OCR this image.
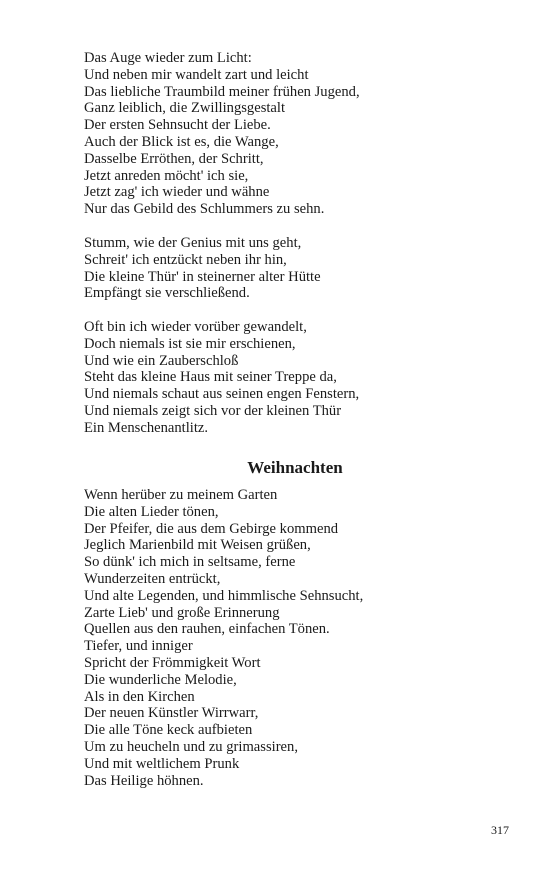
Das Auge wieder zum Licht:
Und neben mir wandelt zart und leicht
Das liebliche Traumbild meiner frühen Jugend,
Ganz leiblich, die Zwillingsgestalt
Der ersten Sehnsucht der Liebe.
Auch der Blick ist es, die Wange,
Dasselbe Erröthen, der Schritt,
Jetzt anreden möcht' ich sie,
Jetzt zag' ich wieder und wähne
Nur das Gebild des Schlummers zu sehn.
Stumm, wie der Genius mit uns geht,
Schreit' ich entzückt neben ihr hin,
Die kleine Thür' in steinerner alter Hütte
Empfängt sie verschließend.
Oft bin ich wieder vorüber gewandelt,
Doch niemals ist sie mir erschienen,
Und wie ein Zauberschloß
Steht das kleine Haus mit seiner Treppe da,
Und niemals schaut aus seinen engen Fenstern,
Und niemals zeigt sich vor der kleinen Thür
Ein Menschenantlitz.
Weihnachten
Wenn herüber zu meinem Garten
Die alten Lieder tönen,
Der Pfeifer, die aus dem Gebirge kommend
Jeglich Marienbild mit Weisen grüßen,
So dünk' ich mich in seltsame, ferne
Wunderzeiten entrückt,
Und alte Legenden, und himmlische Sehnsucht,
Zarte Lieb' und große Erinnerung
Quellen aus den rauhen, einfachen Tönen.
Tiefer, und inniger
Spricht der Frömmigkeit Wort
Die wunderliche Melodie,
Als in den Kirchen
Der neuen Künstler Wirrwarr,
Die alle Töne keck aufbieten
Um zu heucheln und zu grimassiren,
Und mit weltlichem Prunk
Das Heilige höhnen.
317
